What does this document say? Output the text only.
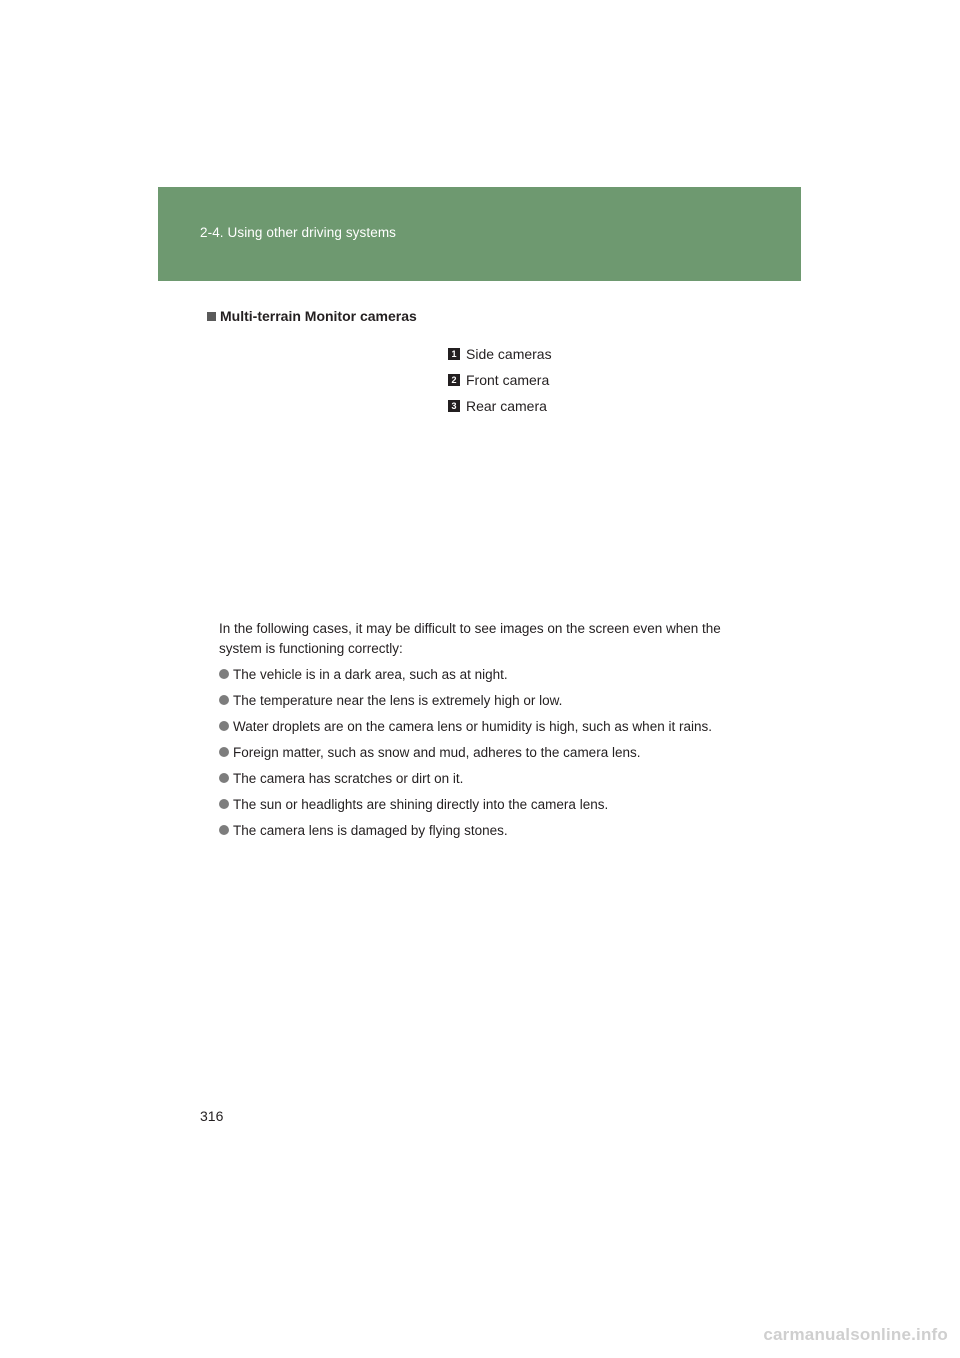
2-4. Using other driving systems
Multi-terrain Monitor cameras
1 Side cameras
2 Front camera
3 Rear camera
In the following cases, it may be difficult to see images on the screen even when the system is functioning correctly:
The vehicle is in a dark area, such as at night.
The temperature near the lens is extremely high or low.
Water droplets are on the camera lens or humidity is high, such as when it rains.
Foreign matter, such as snow and mud, adheres to the camera lens.
The camera has scratches or dirt on it.
The sun or headlights are shining directly into the camera lens.
The camera lens is damaged by flying stones.
316
carmanualsonline.info
